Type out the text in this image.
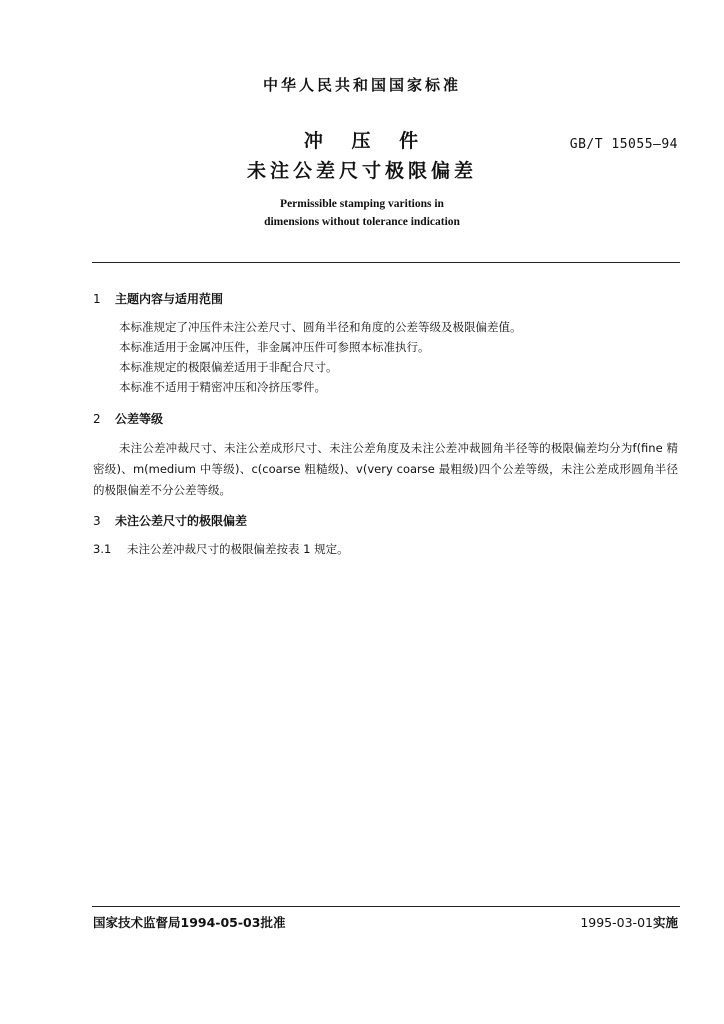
中华人民共和国国家标准
冲 压 件
未注公差尺寸极限偏差
GB/T 15055—94
Permissible stamping varitions in
dimensions without tolerance indication
1 主题内容与适用范围
本标准规定了冲压件未注公差尺寸、圆角半径和角度的公差等级及极限偏差值。
本标准适用于金属冲压件，非金属冲压件可参照本标准执行。
本标准规定的极限偏差适用于非配合尺寸。
本标准不适用于精密冲压和冷挤压零件。
2 公差等级
未注公差冲裁尺寸、未注公差成形尺寸、未注公差角度及未注公差冲裁圆角半径等的极限偏差均分为f(fine 精密级)、m(medium 中等级)、c(coarse 粗糙级)、v(very coarse 最粗级)四个公差等级，未注公差成形圆角半径的极限偏差不分公差等级。
3 未注公差尺寸的极限偏差
3.1 未注公差冲裁尺寸的极限偏差按表 1 规定。
国家技术监督局1994-05-03批准	1995-03-01实施
